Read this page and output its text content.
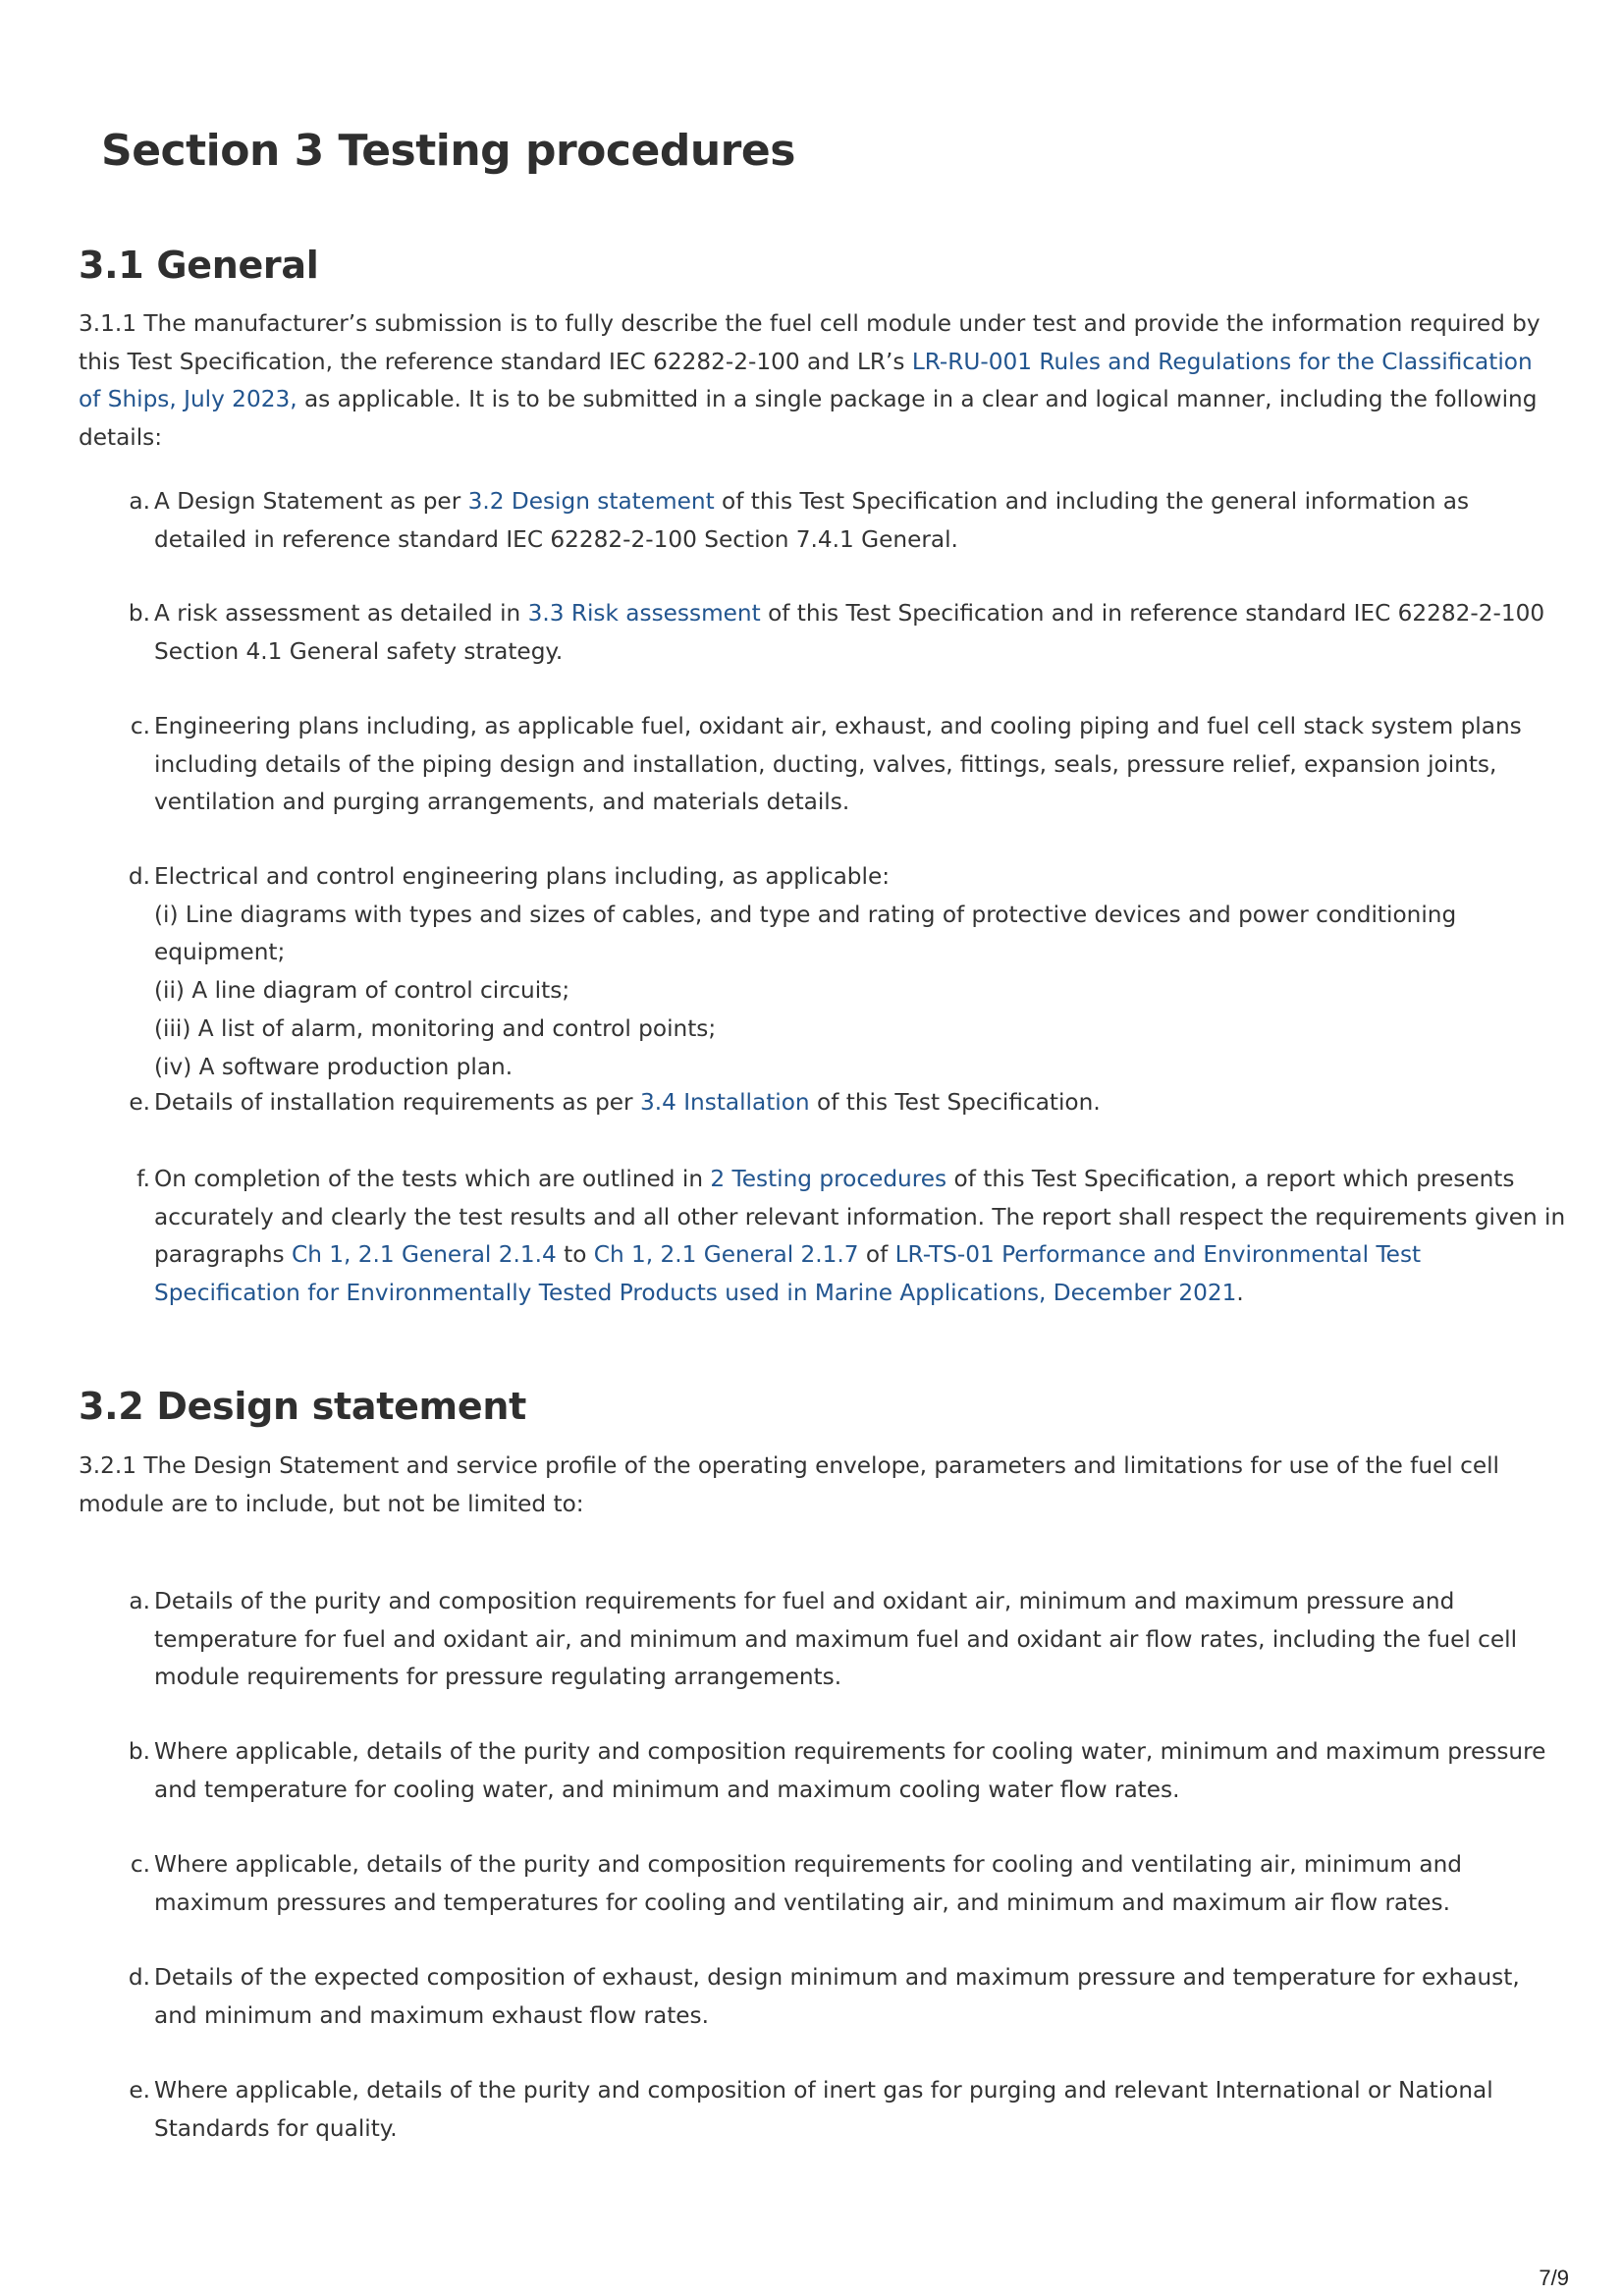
Section 3 Testing procedures
3.1 General

3.1.1 The manufacturer’s submission is to fully describe the fuel cell module under test and provide the information required by this Test Specification, the reference standard IEC 62282-2-100 and LR’s LR-RU-001 Rules and Regulations for the Classification of Ships, July 2023, as applicable. It is to be submitted in a single package in a clear and logical manner, including the following details:

a. A Design Statement as per 3.2 Design statement of this Test Specification and including the general information as detailed in reference standard IEC 62282-2-100 Section 7.4.1 General.

b. A risk assessment as detailed in 3.3 Risk assessment of this Test Specification and in reference standard IEC 62282-2-100 Section 4.1 General safety strategy.

c. Engineering plans including, as applicable fuel, oxidant air, exhaust, and cooling piping and fuel cell stack system plans including details of the piping design and installation, ducting, valves, fittings, seals, pressure relief, expansion joints, ventilation and purging arrangements, and materials details.

d. Electrical and control engineering plans including, as applicable:
(i) Line diagrams with types and sizes of cables, and type and rating of protective devices and power conditioning equipment;
(ii) A line diagram of control circuits;
(iii) A list of alarm, monitoring and control points;
(iv) A software production plan.

e. Details of installation requirements as per 3.4 Installation of this Test Specification.

f. On completion of the tests which are outlined in 2 Testing procedures of this Test Specification, a report which presents accurately and clearly the test results and all other relevant information. The report shall respect the requirements given in paragraphs Ch 1, 2.1 General 2.1.4 to Ch 1, 2.1 General 2.1.7 of LR-TS-01 Performance and Environmental Test Specification for Environmentally Tested Products used in Marine Applications, December 2021.

3.2 Design statement

3.2.1 The Design Statement and service profile of the operating envelope, parameters and limitations for use of the fuel cell module are to include, but not be limited to:

a. Details of the purity and composition requirements for fuel and oxidant air, minimum and maximum pressure and temperature for fuel and oxidant air, and minimum and maximum fuel and oxidant air flow rates, including the fuel cell module requirements for pressure regulating arrangements.

b. Where applicable, details of the purity and composition requirements for cooling water, minimum and maximum pressure and temperature for cooling water, and minimum and maximum cooling water flow rates.

c. Where applicable, details of the purity and composition requirements for cooling and ventilating air, minimum and maximum pressures and temperatures for cooling and ventilating air, and minimum and maximum air flow rates.

d. Details of the expected composition of exhaust, design minimum and maximum pressure and temperature for exhaust, and minimum and maximum exhaust flow rates.

e. Where applicable, details of the purity and composition of inert gas for purging and relevant International or National Standards for quality.

7/9
